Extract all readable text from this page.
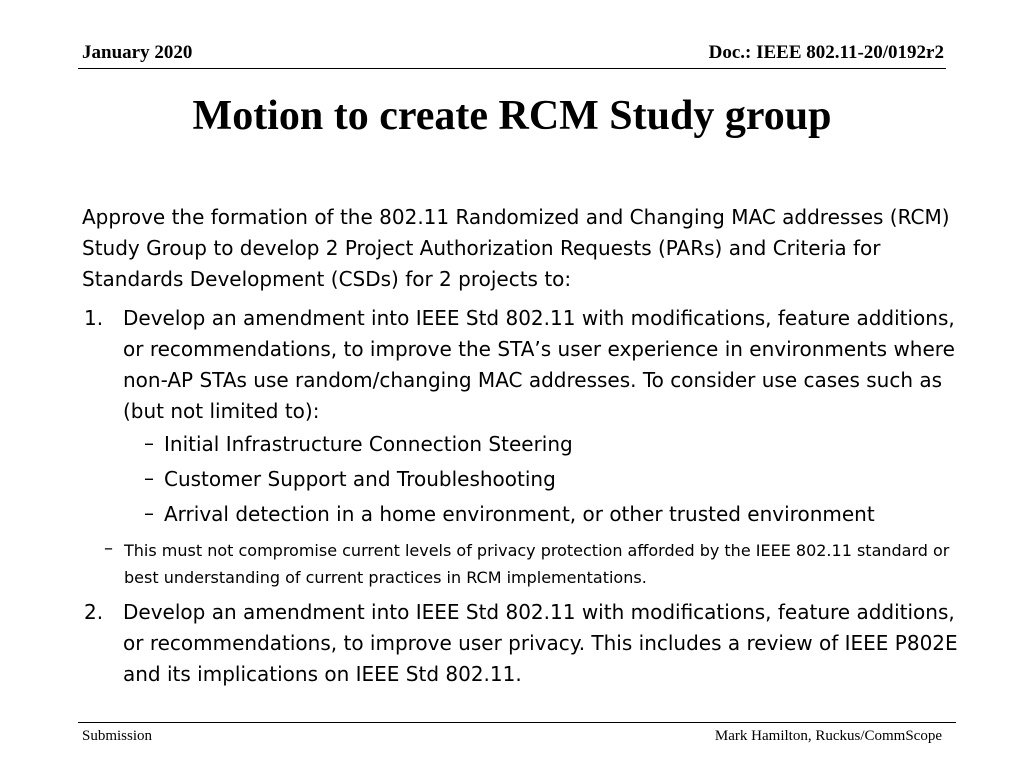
January 2020	Doc.: IEEE 802.11-20/0192r2
Motion to create RCM Study group
Approve the formation of the 802.11 Randomized and Changing MAC addresses (RCM) Study Group to develop 2 Project Authorization Requests (PARs) and Criteria for Standards Development (CSDs) for 2 projects to:
1. Develop an amendment into IEEE Std 802.11 with modifications, feature additions, or recommendations, to improve the STA’s user experience in environments where non-AP STAs use random/changing MAC addresses. To consider use cases such as (but not limited to):
– Initial Infrastructure Connection Steering
– Customer Support and Troubleshooting
– Arrival detection in a home environment, or other trusted environment
– This must not compromise current levels of privacy protection afforded by the IEEE 802.11 standard or best understanding of current practices in RCM implementations.
2. Develop an amendment into IEEE Std 802.11 with modifications, feature additions, or recommendations, to improve user privacy. This includes a review of IEEE P802E and its implications on IEEE Std 802.11.
Submission	Mark Hamilton, Ruckus/CommScope
